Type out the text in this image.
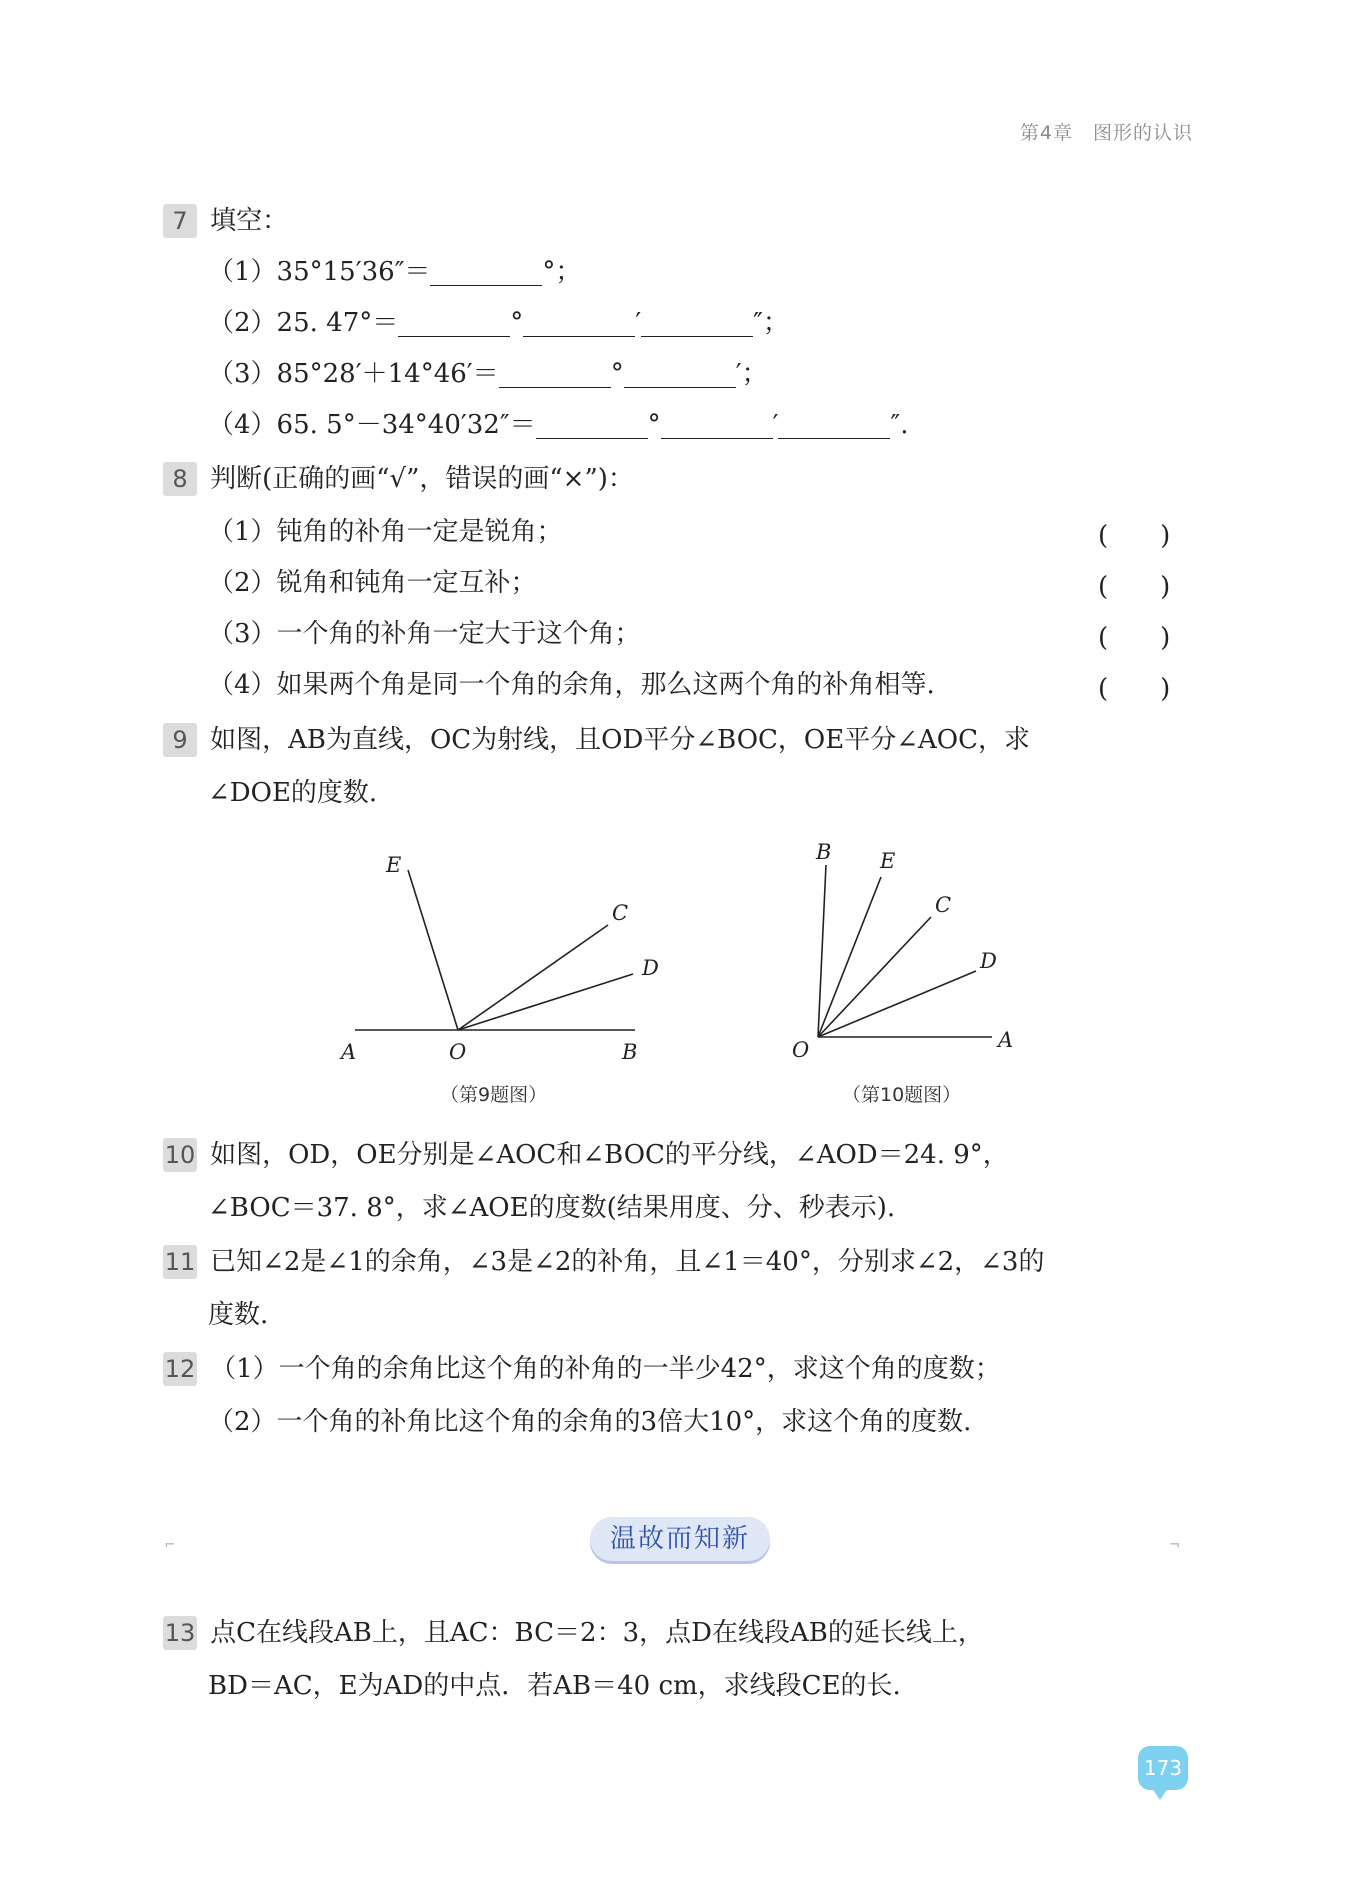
第4章　图形的认识
7 填空：
（1）35°15′36″＝	°；
（2）25. 47°＝	°	′	″；
（3）85°28′＋14°46′＝	°	′；
（4）65. 5°－34°40′32″＝	°	′	″.
8 判断(正确的画“√”，错误的画“×”)：
（1）钝角的补角一定是锐角；	(　　)
（2）锐角和钝角一定互补；	(　　)
（3）一个角的补角一定大于这个角；	(　　)
（4）如果两个角是同一个角的余角，那么这两个角的补角相等.	(　　)
9 如图，AB为直线，OC为射线，且OD平分∠BOC，OE平分∠AOC，求
∠DOE的度数.
E
C
D
A	O	B
（第9题图）
B E
C
D
O	A
（第10题图）
10 如图，OD，OE分别是∠AOC和∠BOC的平分线，∠AOD＝24. 9°，
∠BOC＝37. 8°，求∠AOE的度数(结果用度、分、秒表示).
11 已知∠2是∠1的余角，∠3是∠2的补角，且∠1＝40°，分别求∠2，∠3的
度数.
12 （1）一个角的余角比这个角的补角的一半少42°，求这个角的度数；
（2）一个角的补角比这个角的余角的3倍大10°，求这个角的度数.
⌐	温故而知新	¬
13 点C在线段AB上，且AC：BC＝2：3，点D在线段AB的延长线上，
BD＝AC，E为AD的中点．若AB＝40 cm，求线段CE的长.
173
